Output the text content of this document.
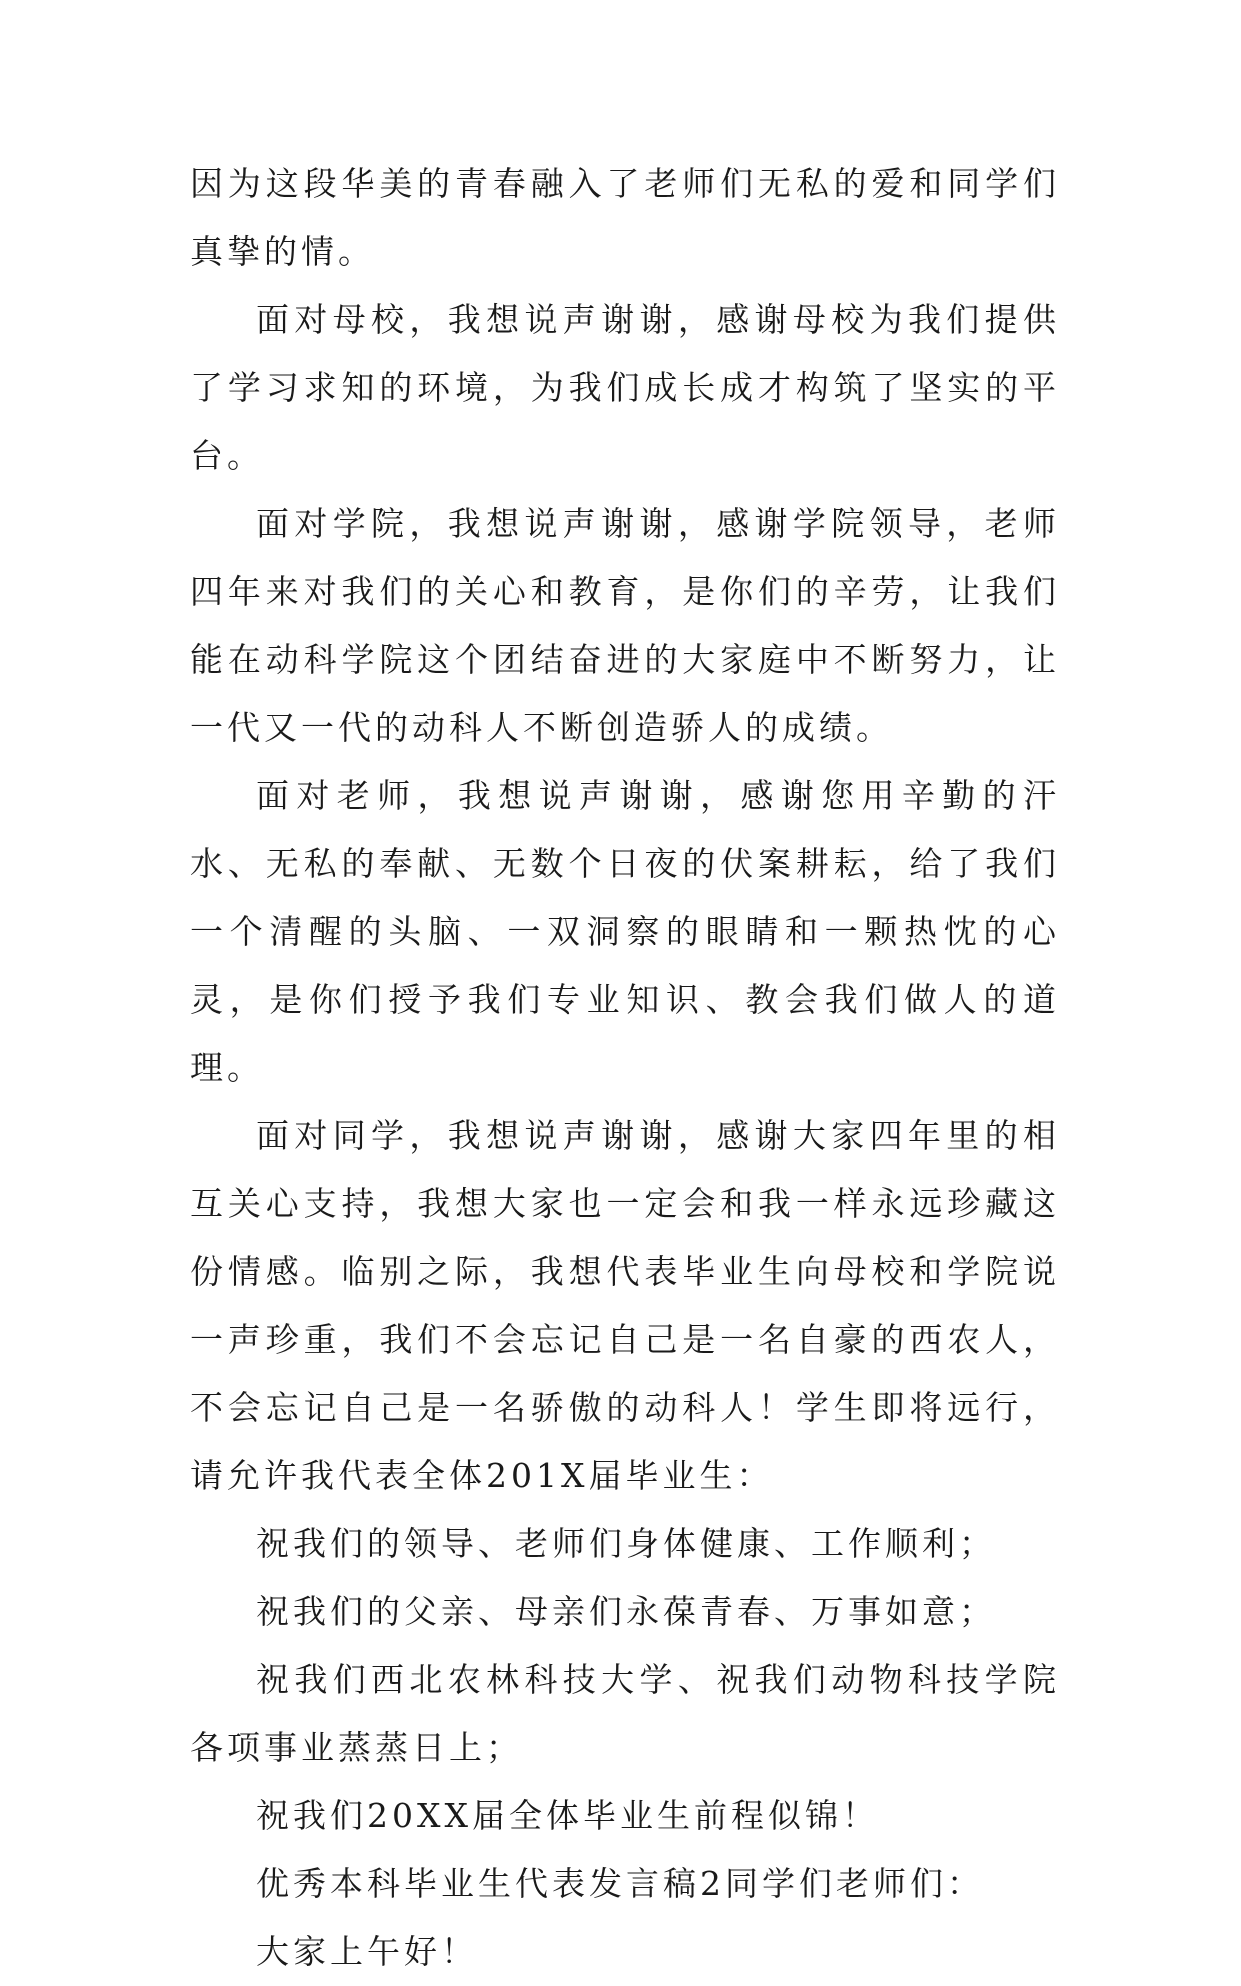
因为这段华美的青春融入了老师们无私的爱和同学们真挚的情。

面对母校，我想说声谢谢，感谢母校为我们提供了学习求知的环境，为我们成长成才构筑了坚实的平台。

面对学院，我想说声谢谢，感谢学院领导，老师四年来对我们的关心和教育，是你们的辛劳，让我们能在动科学院这个团结奋进的大家庭中不断努力，让一代又一代的动科人不断创造骄人的成绩。

面对老师，我想说声谢谢，感谢您用辛勤的汗水、无私的奉献、无数个日夜的伏案耕耘，给了我们一个清醒的头脑、一双洞察的眼睛和一颗热忱的心灵，是你们授予我们专业知识、教会我们做人的道理。

面对同学，我想说声谢谢，感谢大家四年里的相互关心支持，我想大家也一定会和我一样永远珍藏这份情感。临别之际，我想代表毕业生向母校和学院说一声珍重，我们不会忘记自己是一名自豪的西农人，不会忘记自己是一名骄傲的动科人！学生即将远行，请允许我代表全体201X届毕业生：

祝我们的领导、老师们身体健康、工作顺利；

祝我们的父亲、母亲们永葆青春、万事如意；

祝我们西北农林科技大学、祝我们动物科技学院各项事业蒸蒸日上；

祝我们20XX届全体毕业生前程似锦！

优秀本科毕业生代表发言稿2同学们老师们：

大家上午好！
